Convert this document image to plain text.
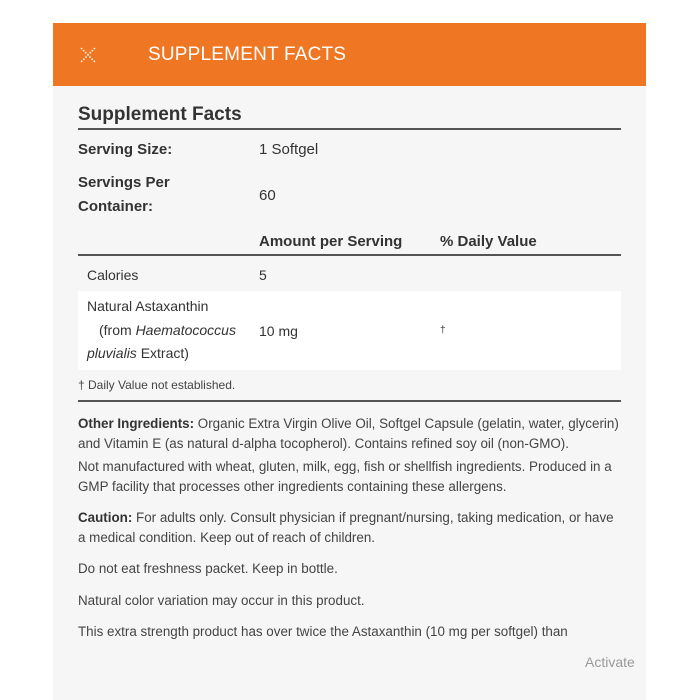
SUPPLEMENT FACTS
Supplement Facts
Serving Size:	1 Softgel
Servings Per
Container:
60
Amount per Serving	% Daily Value
Calories	5
Natural Astaxanthin
(from Haematococcus
pluvialis Extract)
10 mg	†
† Daily Value not established.

Other Ingredients: Organic Extra Virgin Olive Oil, Softgel Capsule (gelatin, water, glycerin) and Vitamin E (as natural d-alpha tocopherol). Contains refined soy oil (non-GMO).

Not manufactured with wheat, gluten, milk, egg, fish or shellfish ingredients. Produced in a GMP facility that processes other ingredients containing these allergens.

Caution: For adults only. Consult physician if pregnant/nursing, taking medication, or have a medical condition. Keep out of reach of children.

Do not eat freshness packet. Keep in bottle.

Natural color variation may occur in this product.

This extra strength product has over twice the Astaxanthin (10 mg per softgel) than

Activate
